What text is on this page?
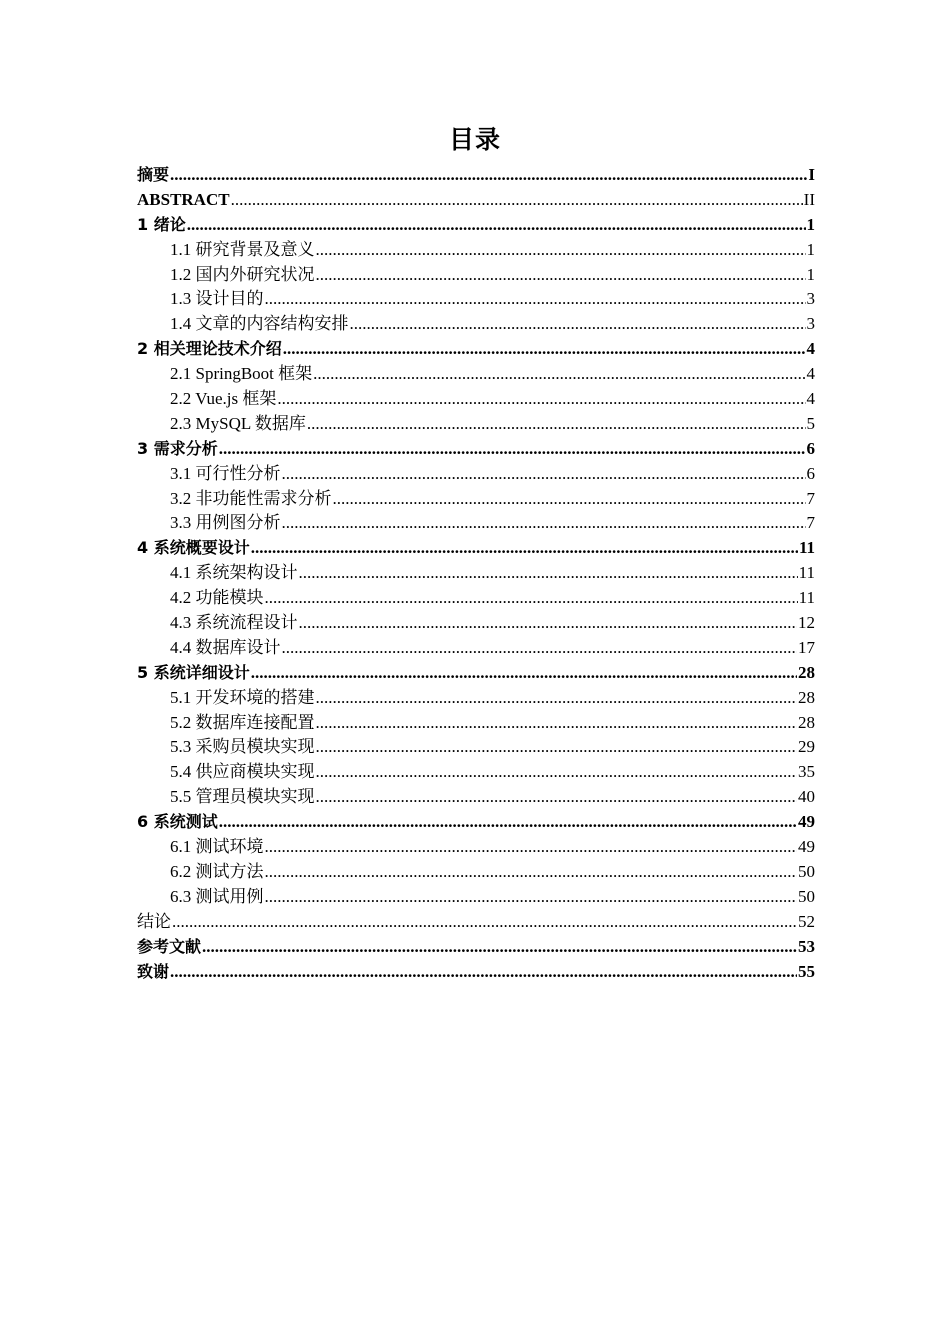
目录
摘要 .....	I
ABSTRACT .....	II
1 绪论 .....	1
1.1 研究背景及意义 .....	1
1.2 国内外研究状况 .....	1
1.3 设计目的 .....	3
1.4 文章的内容结构安排 .....	3
2 相关理论技术介绍 .....	4
2.1 SpringBoot 框架 .....	4
2.2 Vue.js 框架 .....	4
2.3 MySQL 数据库 .....	5
3 需求分析 .....	6
3.1 可行性分析 .....	6
3.2 非功能性需求分析 .....	7
3.3 用例图分析 .....	7
4 系统概要设计 .....	11
4.1 系统架构设计 .....	11
4.2 功能模块 .....	11
4.3 系统流程设计 .....	12
4.4 数据库设计 .....	17
5 系统详细设计 .....	28
5.1 开发环境的搭建 .....	28
5.2 数据库连接配置 .....	28
5.3 采购员模块实现 .....	29
5.4 供应商模块实现 .....	35
5.5 管理员模块实现 .....	40
6 系统测试 .....	49
6.1 测试环境 .....	49
6.2 测试方法 .....	50
6.3 测试用例 .....	50
结论 .....	52
参考文献 .....	53
致谢 .....	55
